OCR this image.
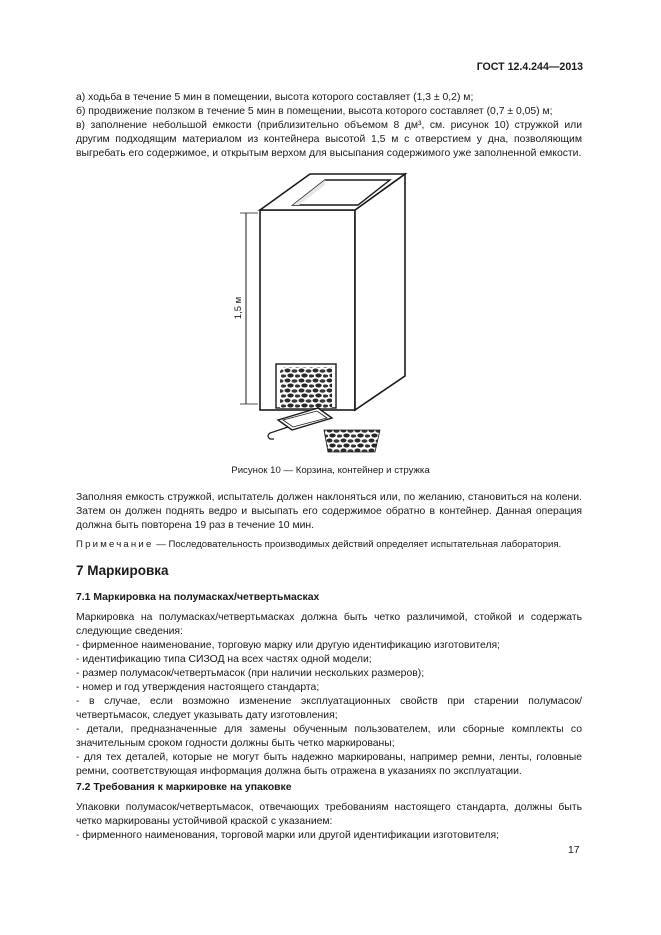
ГОСТ 12.4.244—2013
а) ходьба в течение 5 мин в помещении, высота которого составляет (1,3 ± 0,2) м;
б) продвижение ползком в течение 5 мин в помещении, высота которого составляет (0,7 ± 0,05) м;
в) заполнение небольшой емкости (приблизительно объемом 8 дм³, см. рисунок 10) стружкой или другим подходящим материалом из контейнера высотой 1,5 м с отверстием у дна, позволяющим выгребать его содержимое, и открытым верхом для высыпания содержимого уже заполненной емкости.
1,5 м
Рисунок 10 — Корзина, контейнер и стружка
Заполняя емкость стружкой, испытатель должен наклоняться или, по желанию, становиться на колени. Затем он должен поднять ведро и высыпать его содержимое обратно в контейнер. Данная операция должна быть повторена 19 раз в течение 10 мин.
Примечание — Последовательность производимых действий определяет испытательная лаборатория.
7 Маркировка
7.1 Маркировка на полумасках/четвертьмасках
Маркировка на полумасках/четвертьмасках должна быть четко различимой, стойкой и содержать следующие сведения:
- фирменное наименование, торговую марку или другую идентификацию изготовителя;
- идентификацию типа СИЗОД на всех частях одной модели;
- размер полумасок/четвертьмасок (при наличии нескольких размеров);
- номер и год утверждения настоящего стандарта;
- в случае, если возможно изменение эксплуатационных свойств при старении полумасок/четвертьмасок, следует указывать дату изготовления;
- детали, предназначенные для замены обученным пользователем, или сборные комплекты со значительным сроком годности должны быть четко маркированы;
- для тех деталей, которые не могут быть надежно маркированы, например ремни, ленты, головные ремни, соответствующая информация должна быть отражена в указаниях по эксплуатации.
7.2 Требования к маркировке на упаковке
Упаковки полумасок/четвертьмасок, отвечающих требованиям настоящего стандарта, должны быть четко маркированы устойчивой краской с указанием:
- фирменного наименования, торговой марки или другой идентификации изготовителя;
17
